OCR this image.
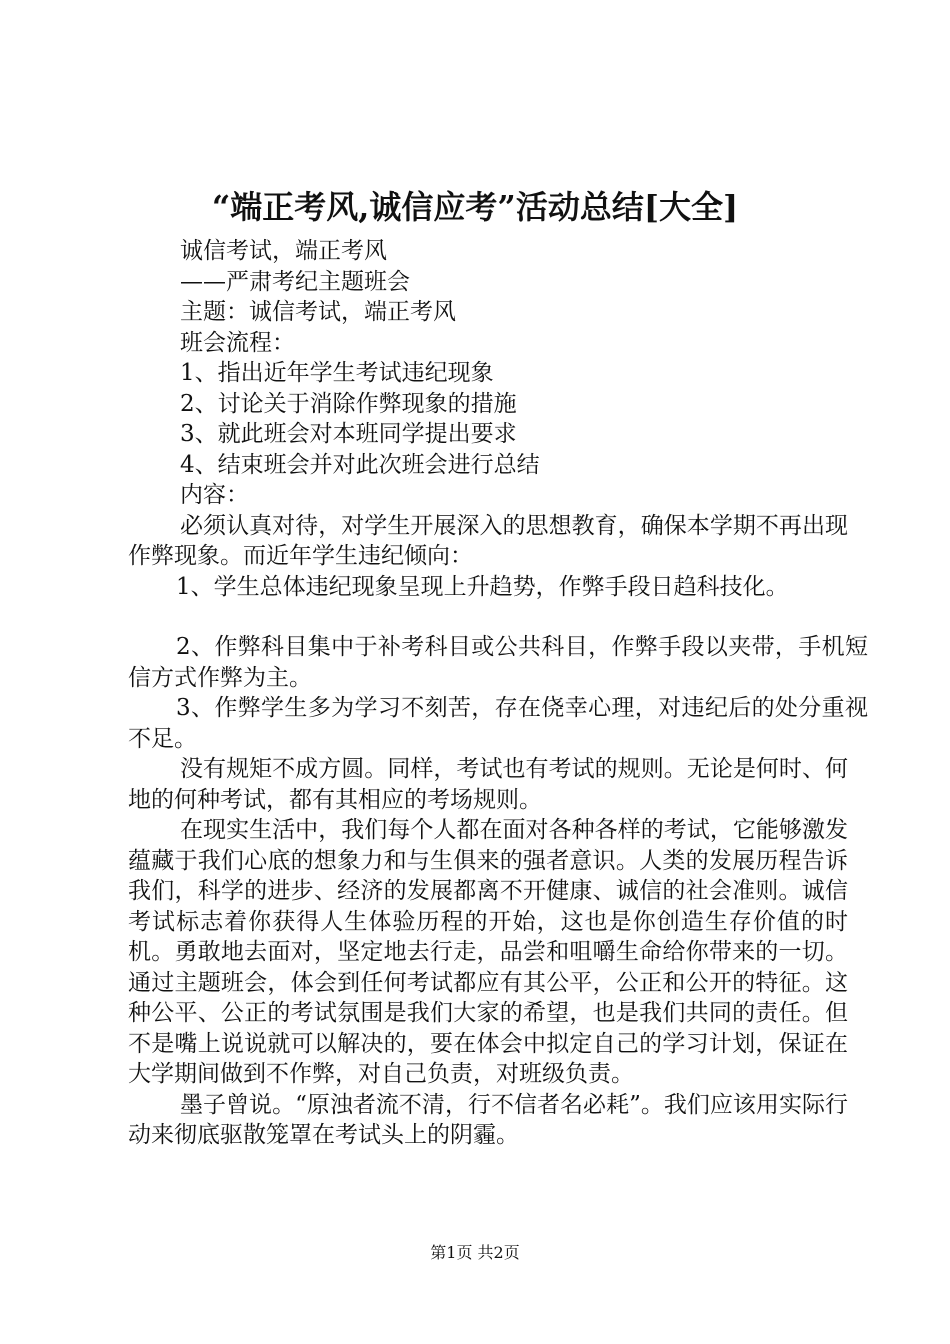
“端正考风,诚信应考”活动总结[大全]
诚信考试，端正考风
——严肃考纪主题班会
主题：诚信考试，端正考风
班会流程：
1、指出近年学生考试违纪现象
2、讨论关于消除作弊现象的措施
3、就此班会对本班同学提出要求
4、结束班会并对此次班会进行总结
内容：
必须认真对待，对学生开展深入的思想教育，确保本学期不再出现作弊现象。而近年学生违纪倾向：
1、学生总体违纪现象呈现上升趋势，作弊手段日趋科技化。
2、作弊科目集中于补考科目或公共科目，作弊手段以夹带，手机短信方式作弊为主。
3、作弊学生多为学习不刻苦，存在侥幸心理，对违纪后的处分重视不足。
没有规矩不成方圆。同样，考试也有考试的规则。无论是何时、何地的何种考试，都有其相应的考场规则。
在现实生活中，我们每个人都在面对各种各样的考试，它能够激发蕴藏于我们心底的想象力和与生俱来的强者意识。人类的发展历程告诉我们，科学的进步、经济的发展都离不开健康、诚信的社会准则。诚信考试标志着你获得人生体验历程的开始，这也是你创造生存价值的时机。勇敢地去面对，坚定地去行走，品尝和咀嚼生命给你带来的一切。通过主题班会，体会到任何考试都应有其公平，公正和公开的特征。这种公平、公正的考试氛围是我们大家的希望，也是我们共同的责任。但不是嘴上说说就可以解决的，要在体会中拟定自己的学习计划，保证在大学期间做到不作弊，对自己负责，对班级负责。
墨子曾说。“原浊者流不清，行不信者名必耗”。我们应该用实际行动来彻底驱散笼罩在考试头上的阴霾。
第1页 共2页
